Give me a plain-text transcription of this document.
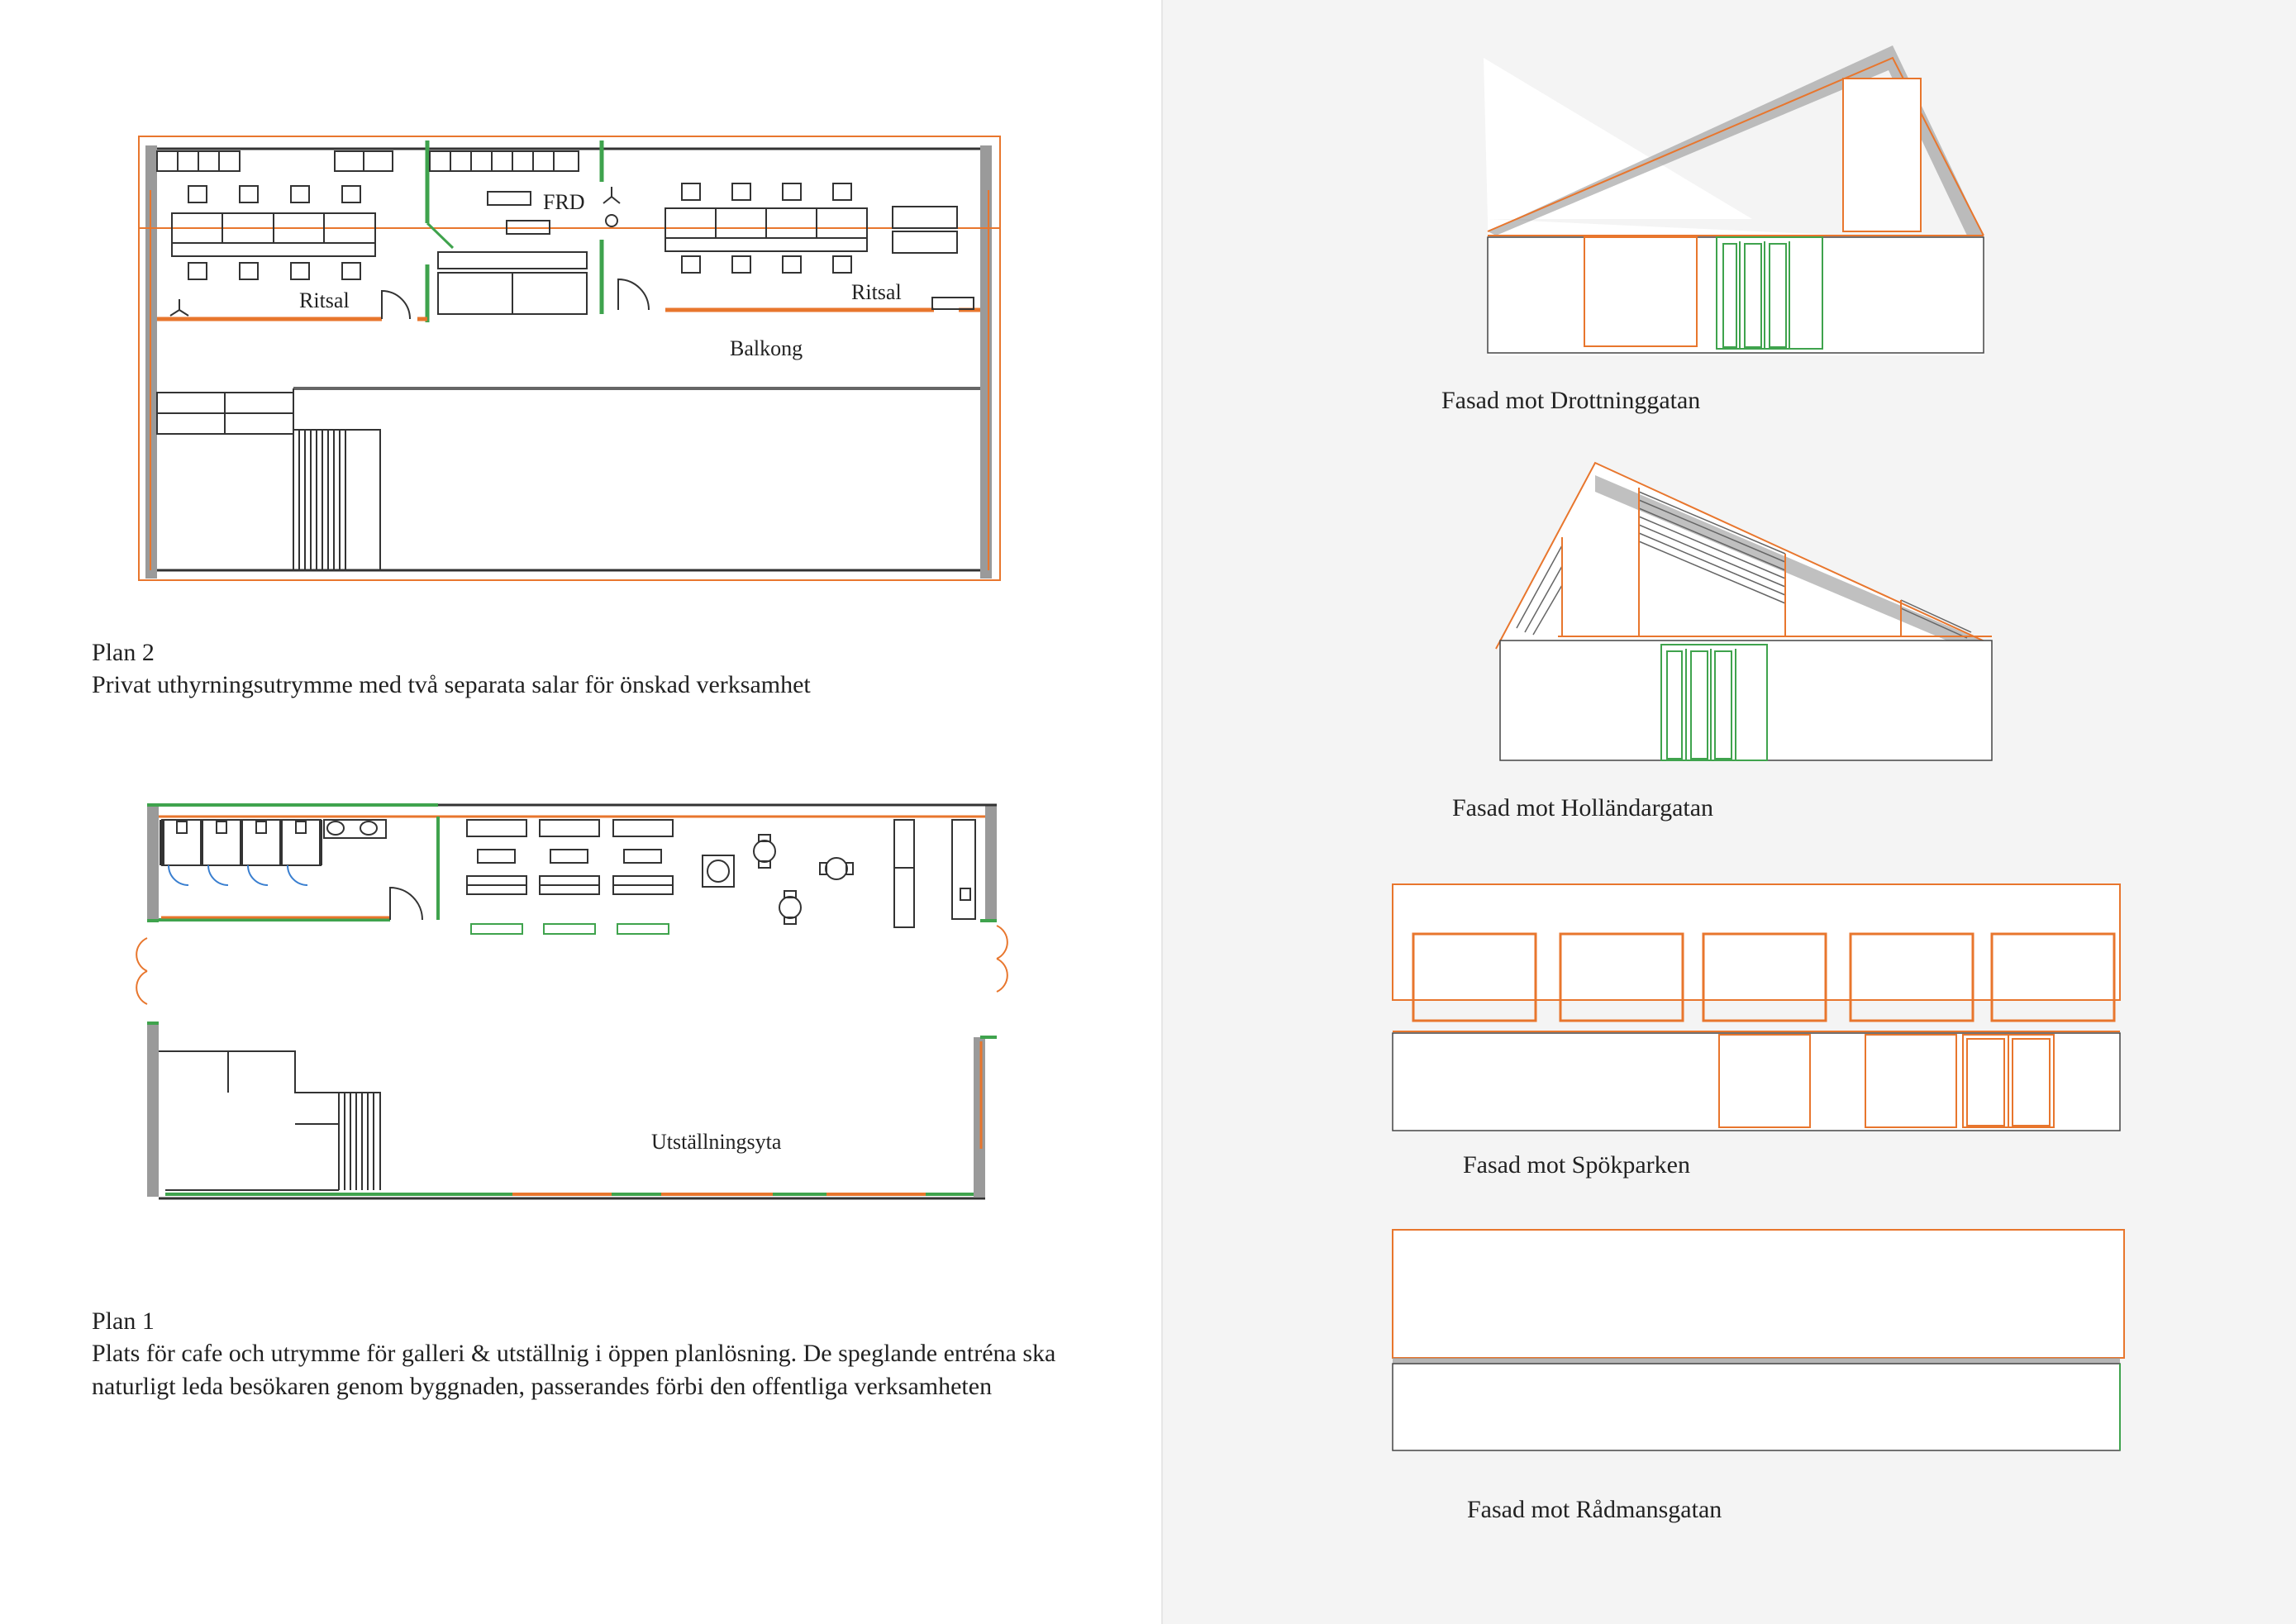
Ritsal
FRD
Ritsal
Balkong
Plan 2
Privat uthyrningsutrymme med två separata salar för önskad verksamhet
Utställningsyta
Plan 1
Plats för cafe och utrymme för galleri & utställnig i öppen planlösning. De speglande entréna ska naturligt leda besökaren genom byggnaden, passerandes förbi den offentliga verksamheten
Fasad mot Drottninggatan
Fasad mot Holländargatan
Fasad mot Spökparken
Fasad mot Rådmansgatan
